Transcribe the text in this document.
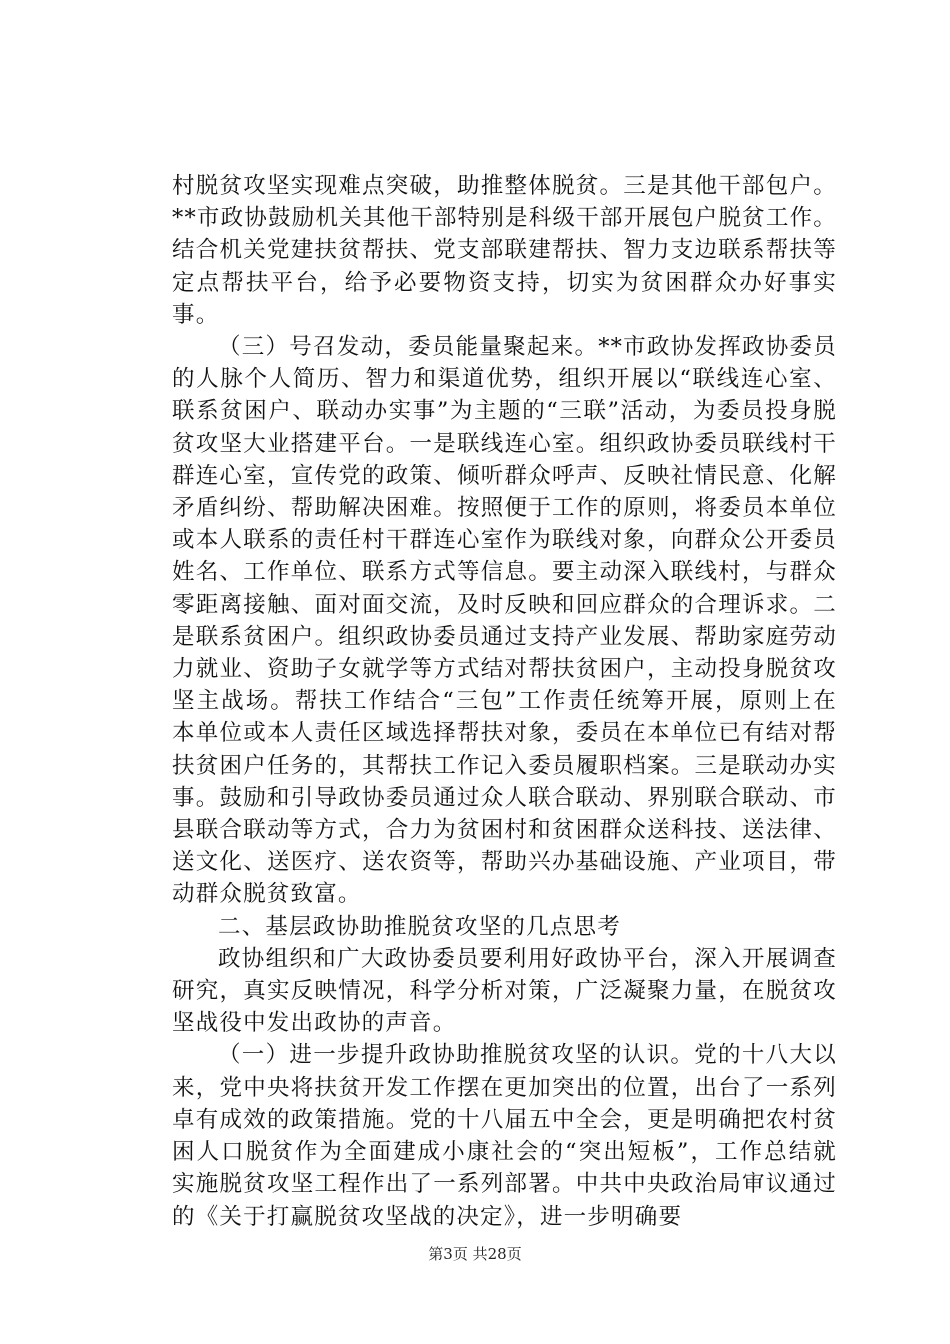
村脱贫攻坚实现难点突破，助推整体脱贫。三是其他干部包户。**市政协鼓励机关其他干部特别是科级干部开展包户脱贫工作。结合机关党建扶贫帮扶、党支部联建帮扶、智力支边联系帮扶等定点帮扶平台，给予必要物资支持，切实为贫困群众办好事实事。

（三）号召发动，委员能量聚起来。**市政协发挥政协委员的人脉个人简历、智力和渠道优势，组织开展以“联线连心室、联系贫困户、联动办实事”为主题的“三联”活动，为委员投身脱贫攻坚大业搭建平台。一是联线连心室。组织政协委员联线村干群连心室，宣传党的政策、倾听群众呼声、反映社情民意、化解矛盾纠纷、帮助解决困难。按照便于工作的原则，将委员本单位或本人联系的责任村干群连心室作为联线对象，向群众公开委员姓名、工作单位、联系方式等信息。要主动深入联线村，与群众零距离接触、面对面交流，及时反映和回应群众的合理诉求。二是联系贫困户。组织政协委员通过支持产业发展、帮助家庭劳动力就业、资助子女就学等方式结对帮扶贫困户，主动投身脱贫攻坚主战场。帮扶工作结合“三包”工作责任统筹开展，原则上在本单位或本人责任区域选择帮扶对象，委员在本单位已有结对帮扶贫困户任务的，其帮扶工作记入委员履职档案。三是联动办实事。鼓励和引导政协委员通过众人联合联动、界别联合联动、市县联合联动等方式，合力为贫困村和贫困群众送科技、送法律、送文化、送医疗、送农资等，帮助兴办基础设施、产业项目，带动群众脱贫致富。

二、基层政协助推脱贫攻坚的几点思考

政协组织和广大政协委员要利用好政协平台，深入开展调查研究，真实反映情况，科学分析对策，广泛凝聚力量，在脱贫攻坚战役中发出政协的声音。

（一）进一步提升政协助推脱贫攻坚的认识。党的十八大以来，党中央将扶贫开发工作摆在更加突出的位置，出台了一系列卓有成效的政策措施。党的十八届五中全会，更是明确把农村贫困人口脱贫作为全面建成小康社会的“突出短板”，工作总结就实施脱贫攻坚工程作出了一系列部署。中共中央政治局审议通过的《关于打赢脱贫攻坚战的决定》，进一步明确要

第3页 共28页
